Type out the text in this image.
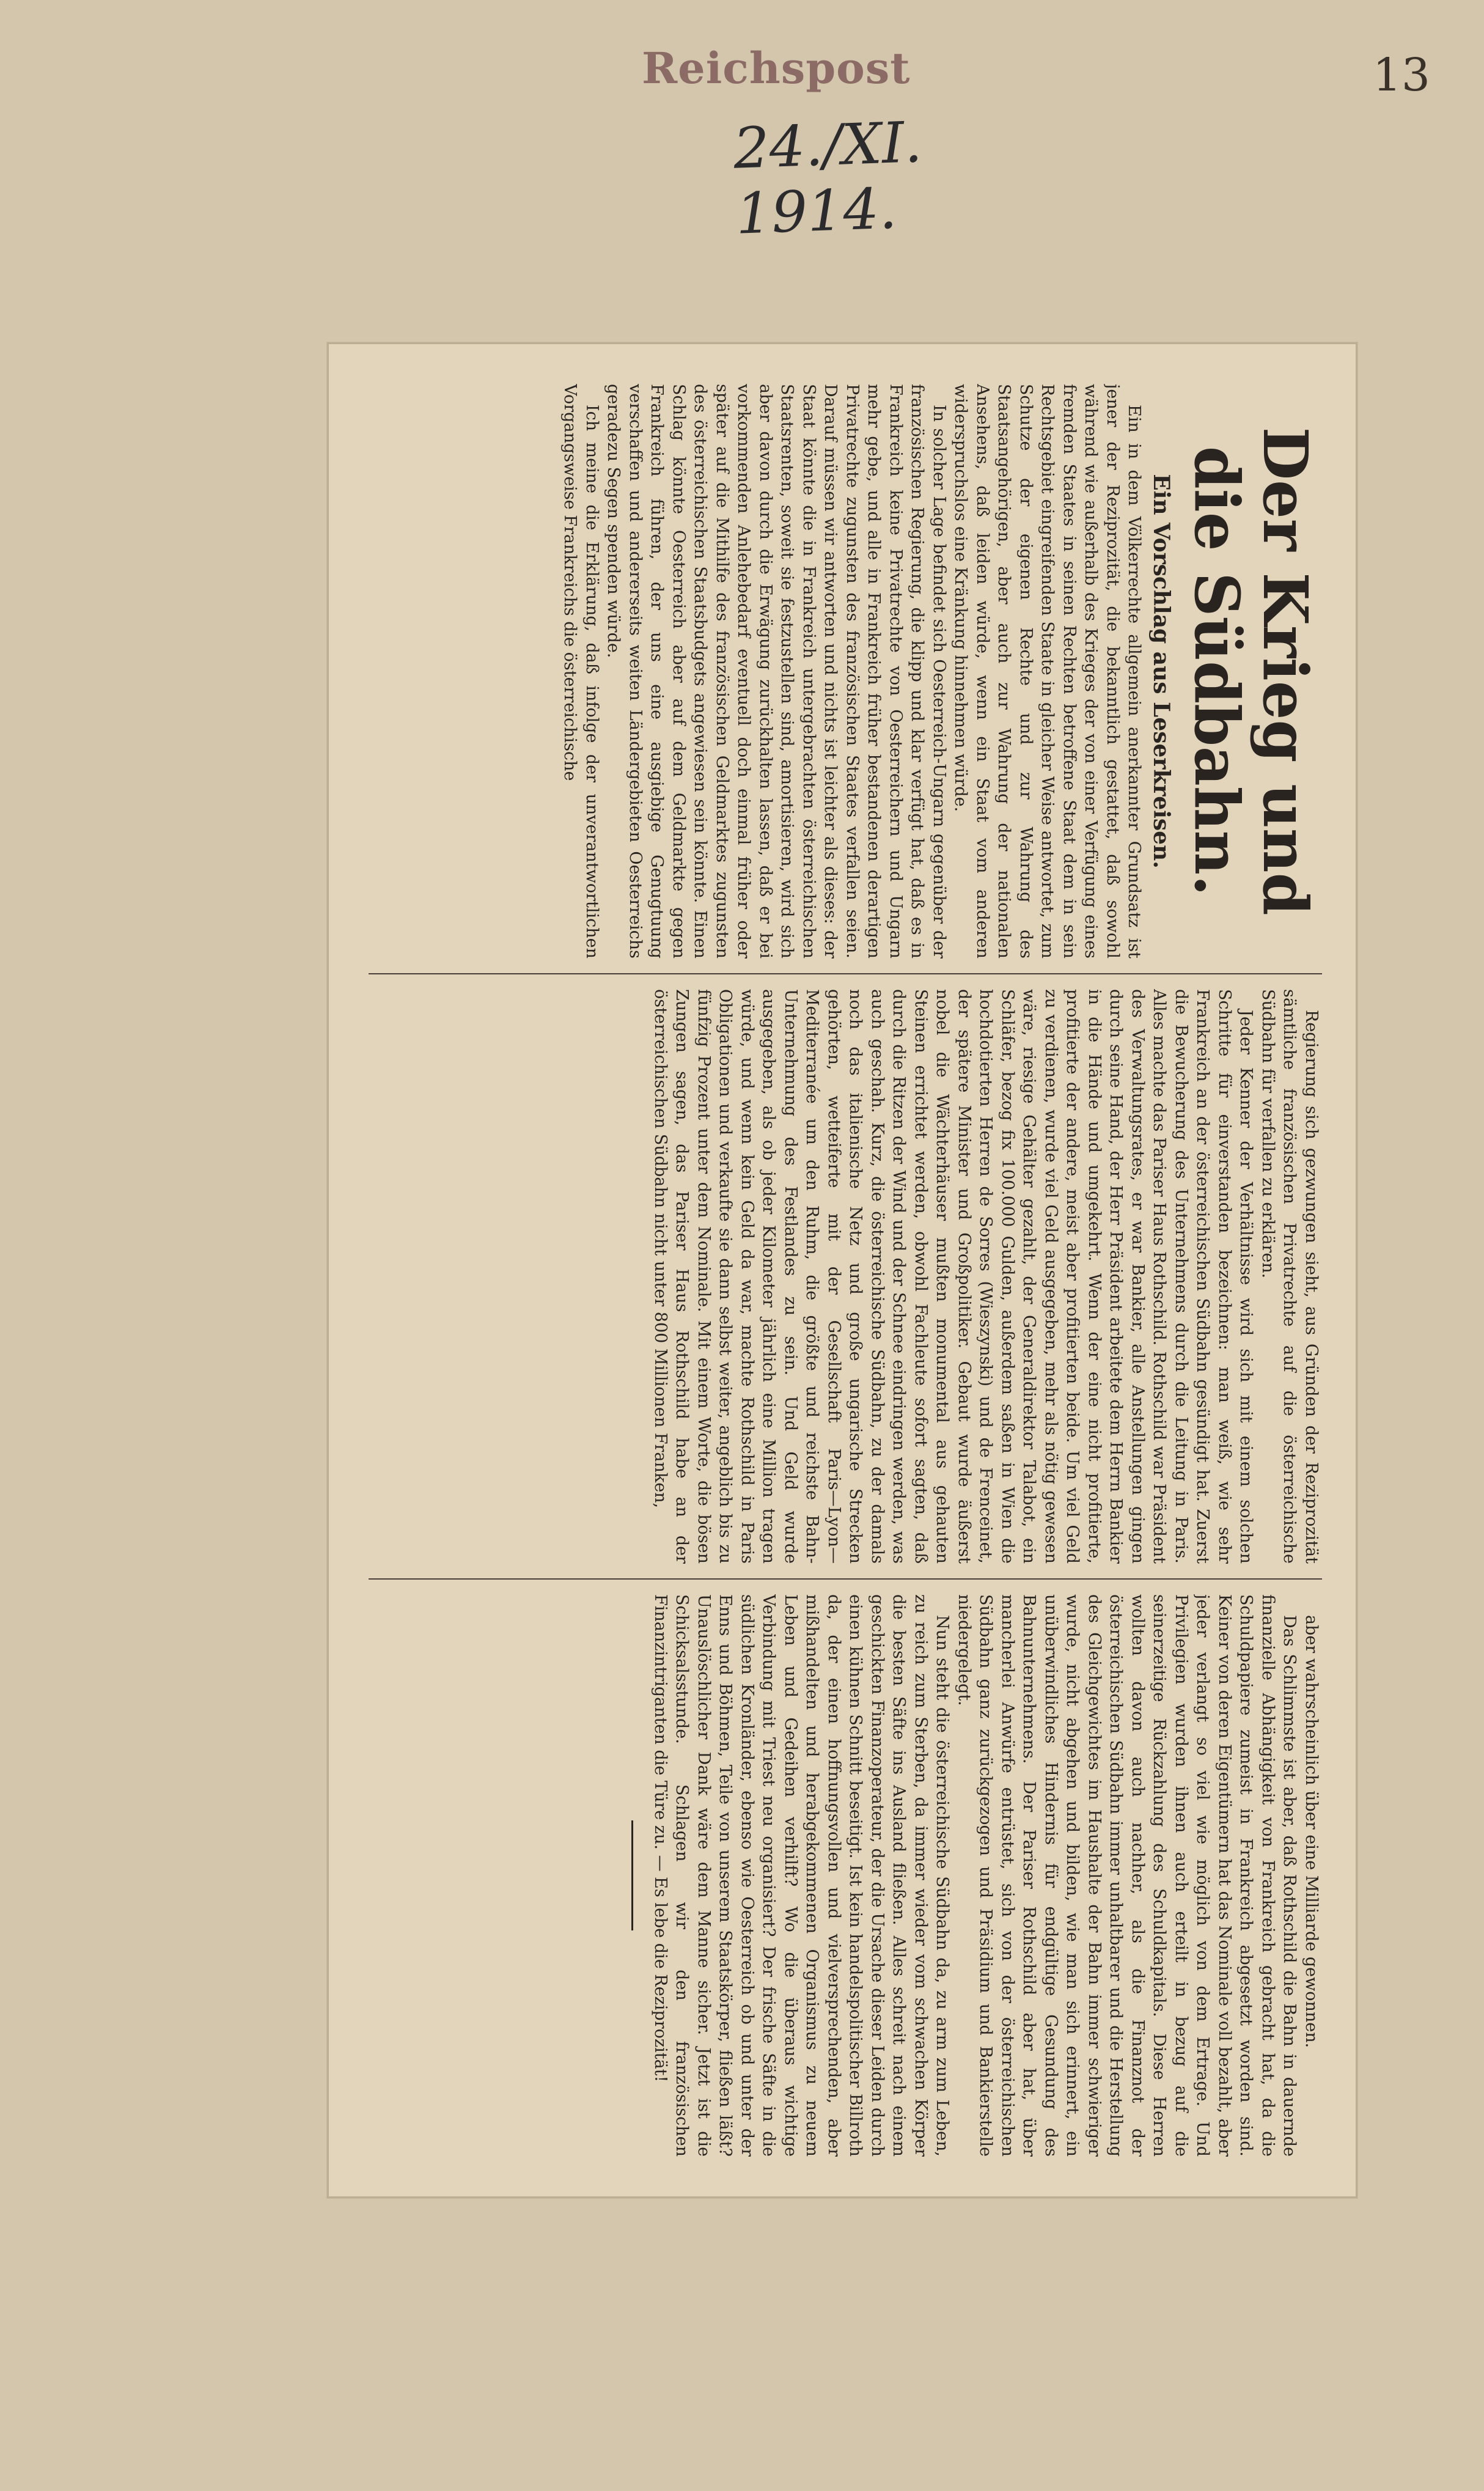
Reichspost	13
24./XI. 1914.
Der Krieg und die Südbahn.
Ein Vorschlag aus Leserkreisen.

Ein in dem Völkerrechte allgemein anerkannter Grundsatz ist jener der Reziprozität, die bekanntlich gestattet, daß sowohl während wie außerhalb des Krieges der von einer Verfügung eines fremden Staates in seinen Rechten betroffene Staat dem in sein Rechtsgebiet eingreifenden Staate in gleicher Weise antwortet, zum Schutze der eigenen Rechte und zur Wahrung des Staatsangehörigen, aber auch zur Wahrung der nationalen Ansehens, daß leiden würde, wenn ein Staat vom anderen widerspruchslos eine Kränkung hinnehmen würde.

In solcher Lage befindet sich Oesterreich-Ungarn gegenüber der französischen Regierung, die klipp und klar verfügt hat, daß es in Frankreich keine Privatrechte von Oesterreichern und Ungarn mehr gebe, und alle in Frankreich früher bestandenen derartigen Privatrechte zugunsten des französischen Staates verfallen seien. Darauf müssen wir antworten und nichts ist leichter als dieses: der Staat könnte die in Frankreich untergebrachten österreichischen Staatsrenten, soweit sie festzustellen sind, amortisieren, wird sich aber davon durch die Erwägung zurückhalten lassen, daß er bei vorkommenden Anlehebedarf eventuell doch einmal früher oder später auf die Mithilfe des französischen Geldmarktes zugunsten des österreichischen Staatsbudgets angewiesen sein könnte. Einen Schlag könnte Oesterreich aber auf dem Geldmarkte gegen Frankreich führen, der uns eine ausgiebige Genugtuung verschaffen und andererseits weiten Ländergebieten Oesterreichs geradezu Segen spenden würde.

Ich meine die Erklärung, daß infolge der unverantwortlichen Vorgangsweise Frankreichs die österreichische

Regierung sich gezwungen sieht, aus Gründen der Reziprozität sämtliche französischen Privatrechte auf die österreichische Südbahn für verfallen zu erklären.

Jeder Kenner der Verhältnisse wird sich mit einem solchen Schritte für einverstanden bezeichnen: man weiß, wie sehr Frankreich an der österreichischen Südbahn gesündigt hat. Zuerst die Bewucherung des Unternehmens durch die Leitung in Paris. Alles machte das Pariser Haus Rothschild. Rothschild war Präsident des Verwaltungsrates, er war Bankier, alle Anstellungen gingen durch seine Hand, der Herr Präsident arbeitete dem Herrn Bankier in die Hände und umgekehrt. Wenn der eine nicht profitierte, profitierte der andere, meist aber profitierten beide. Um viel Geld zu verdienen, wurde viel Geld ausgegeben, mehr als nötig gewesen wäre, riesige Gehälter gezahlt, der Generaldirektor Talabot, ein Schläfer, bezog fix 100.000 Gulden, außerdem saßen in Wien die hochdotierten Herren de Sorres (Wieszynski) und de Frenceinet, der spätere Minister und Großpolitiker. Gebaut wurde äußerst nobel die Wächterhäuser mußten monumental aus gehauten Steinen errichtet werden, obwohl Fachleute sofort sagten, daß durch die Ritzen der Wind und der Schnee eindringen werden, was auch geschah. Kurz, die österreichische Südbahn, zu der damals noch das italienische Netz und große ungarische Strecken gehörten, wetteiferte mit der Gesellschaft Paris—Lyon—Mediterranée um den Ruhm, die größte und reichste Bahn-Unternehmung des Festlandes zu sein. Und Geld wurde ausgegeben, als ob jeder Kilometer jährlich eine Million tragen würde, und wenn kein Geld da war, machte Rothschild in Paris Obligationen und verkaufte sie dann selbst weiter, angeblich bis zu fünfzig Prozent unter dem Nominale. Mit einem Worte, die bösen Zungen sagen, das Pariser Haus Rothschild habe an der österreichischen Südbahn nicht unter 800 Millionen Franken,

aber wahrscheinlich über eine Milliarde gewonnen.

Das Schlimmste ist aber, daß Rothschild die Bahn in dauernde finanzielle Abhängigkeit von Frankreich gebracht hat, da die Schuldpapiere zumeist in Frankreich abgesetzt worden sind. Keiner von deren Eigentümern hat das Nominale voll bezahlt, aber jeder verlangt so viel wie möglich von dem Ertrage. Und Privilegien wurden ihnen auch erteilt in bezug auf die seinerzeitige Rückzahlung des Schuldkapitals. Diese Herren wollten davon auch nachher, als die Finanznot der österreichischen Südbahn immer unhaltbarer und die Herstellung des Gleichgewichtes im Haushalte der Bahn immer schwieriger wurde, nicht abgehen und bilden, wie man sich erinnert, ein unüberwindliches Hindernis für endgültige Gesundung des Bahnunternehmens. Der Pariser Rothschild aber hat, über mancherlei Anwürfe entrüstet, sich von der österreichischen Südbahn ganz zurückgezogen und Präsidium und Bankierstelle niedergelegt.

Nun steht die österreichische Südbahn da, zu arm zum Leben, zu reich zum Sterben, da immer wieder vom schwachen Körper die besten Säfte ins Ausland fließen. Alles schreit nach einem geschickten Finanzoperateur, der die Ursache dieser Leiden durch einen kühnen Schnitt beseitigt. Ist kein handelspolitischer Billroth da, der einen hoffnungsvollen und vielversprechenden, aber mißhandelten und herabgekommenen Organismus zu neuem Leben und Gedeihen verhilft? Wo die überaus wichtige Verbindung mit Triest neu organisiert? Der frische Säfte in die südlichen Kronländer, ebenso wie Oesterreich ob und unter der Enns und Böhmen, Teile von unserem Staatskörper, fließen läßt? Unauslöschlicher Dank wäre dem Manne sicher. Jetzt ist die Schicksalsstunde. Schlagen wir den französischen Finanzintriganten die Türe zu. — Es lebe die Reziprozität!
